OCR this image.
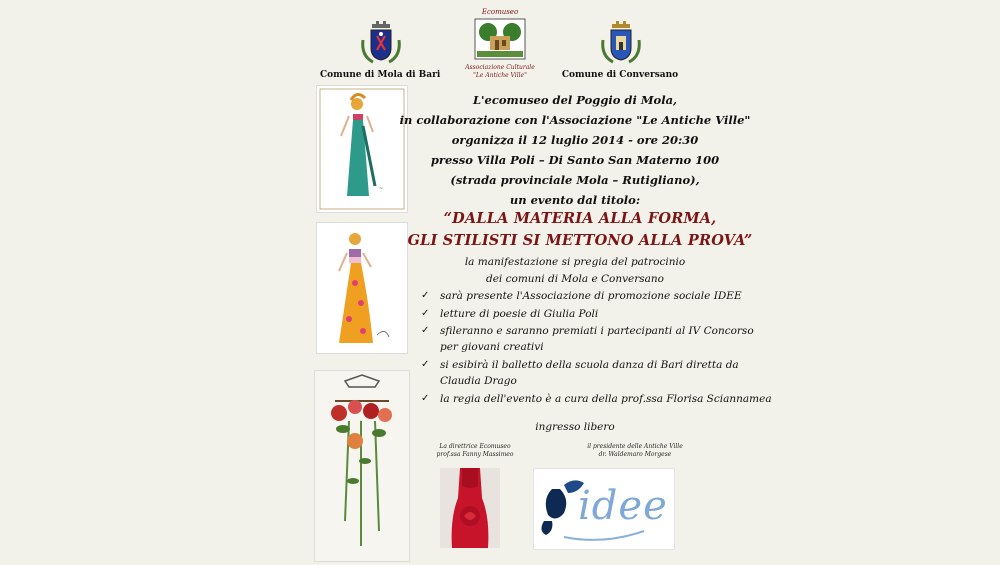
Comune di Mola di Bari
Ecomuseo
Associazione Culturale
"Le Antiche Ville"	Comune di Conversano
~
L'ecomuseo del Poggio di Mola,
in collaborazione con l'Associazione "Le Antiche Ville"
organizza il 12 luglio 2014 - ore 20:30
presso Villa Poli – Di Santo San Materno 100
(strada provinciale Mola – Rutigliano),
un evento dal titolo:
“DALLA MATERIA ALLA FORMA,
GLI STILISTI SI METTONO ALLA PROVA”
la manifestazione si pregia del patrocinio
dei comuni di Mola e Conversano
✓ sarà presente l'Associazione di promozione sociale IDEE
✓ letture di poesie di Giulia Poli
✓ sfileranno e saranno premiati i partecipanti al IV Concorso
per giovani creativi
✓ si esibirà il balletto della scuola danza di Bari diretta da
Claudia Drago
✓ la regia dell'evento è a cura della prof.ssa Florisa Sciannamea
ingresso libero
La direttrice Ecomuseo
prof.ssa Fanny Massimeo
il presidente delle Antiche Ville
dr. Waldemaro Morgese
idee
